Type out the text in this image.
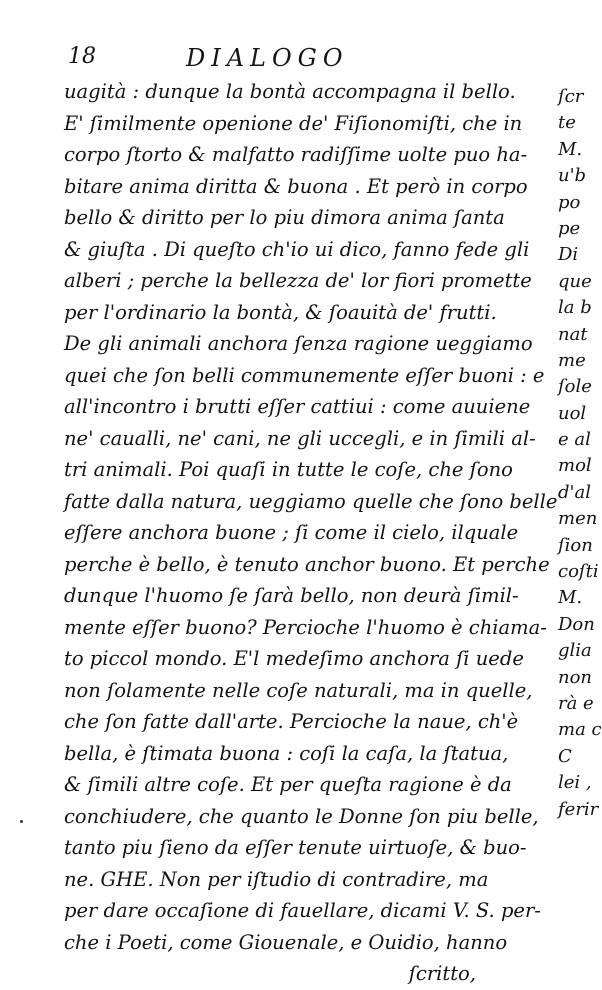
18	DIALOGO
uagità : dunque la bontà accompagna il bello.
E' ſimilmente openione de' Fiſionomiſti, che in
corpo ſtorto & malfatto radiſſime uolte puo ha-
bitare anima diritta & buona . Et però in corpo
bello & diritto per lo piu dimora anima ſanta
& giuſta . Di queſto ch'io ui dico, fanno fede gli
alberi ; perche la bellezza de' lor fiori promette
per l'ordinario la bontà, & ſoauità de' frutti.
De gli animali anchora ſenza ragione ueggiamo
quei che ſon belli communemente eſſer buoni : e
all'incontro i brutti eſſer cattiui : come auuiene
ne' caualli, ne' cani, ne gli uccegli, e in ſimili al-
tri animali. Poi quaſi in tutte le coſe, che ſono
fatte dalla natura, ueggiamo quelle che ſono belle
eſſere anchora buone ; ſi come il cielo, ilquale
perche è bello, è tenuto anchor buono. Et perche
dunque l'huomo ſe ſarà bello, non deurà ſimil-
mente eſſer buono? Percioche l'huomo è chiama-
to piccol mondo. E'l medeſimo anchora ſi uede
non ſolamente nelle coſe naturali, ma in quelle,
che ſon fatte dall'arte. Percioche la naue, ch'è
bella, è ſtimata buona : coſi la caſa, la ſtatua,
& ſimili altre coſe. Et per queſta ragione è da
conchiudere, che quanto le Donne ſon piu belle,
tanto piu ſieno da eſſer tenute uirtuoſe, & buo-
ne. GHE. Non per iſtudio di contradire, ma
per dare occaſione di fauellare, dicami V. S. per-
che i Poeti, come Giouenale, e Ouidio, hanno
ſcritto,
ſcr
te
M.
u'b
po
pe
Di
que
la b
nat
me
ſole
uol
e al
mol
d'al
men
ſion
coſti
M.
Don
glia
non
rà e
ma c
C
lei ,
ferir
